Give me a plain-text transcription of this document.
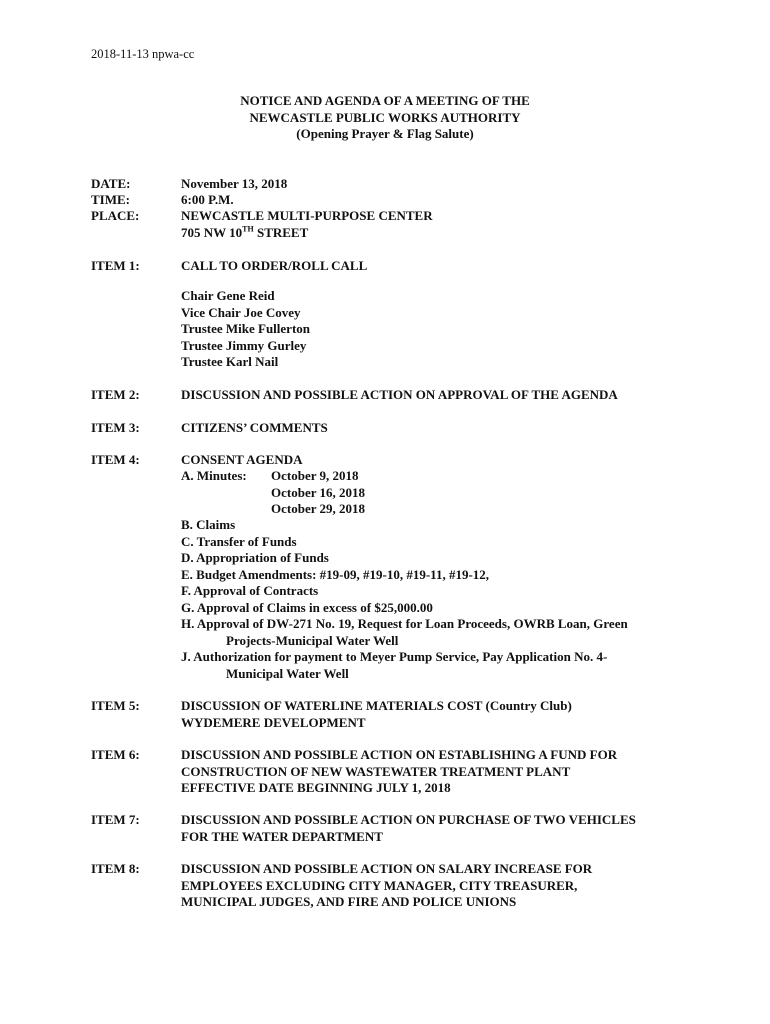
2018-11-13 npwa-cc
NOTICE AND AGENDA OF A MEETING OF THE
NEWCASTLE PUBLIC WORKS AUTHORITY
(Opening Prayer & Flag Salute)
DATE:	November 13, 2018
TIME:	6:00 P.M.
PLACE:	NEWCASTLE MULTI-PURPOSE CENTER
705 NW 10TH STREET
ITEM 1:	CALL TO ORDER/ROLL CALL
Chair Gene Reid
Vice Chair Joe Covey
Trustee Mike Fullerton
Trustee Jimmy Gurley
Trustee Karl Nail
ITEM 2:	DISCUSSION AND POSSIBLE ACTION ON APPROVAL OF THE AGENDA
ITEM 3:	CITIZENS’ COMMENTS
ITEM 4:	CONSENT AGENDA
A. Minutes:	October 9, 2018
October 16, 2018
October 29, 2018
B. Claims
C. Transfer of Funds
D. Appropriation of Funds
E. Budget Amendments: #19-09, #19-10, #19-11, #19-12,
F. Approval of Contracts
G. Approval of Claims in excess of $25,000.00
H. Approval of DW-271 No. 19, Request for Loan Proceeds, OWRB Loan, Green
Projects-Municipal Water Well
J. Authorization for payment to Meyer Pump Service, Pay Application No. 4-
Municipal Water Well
ITEM 5:	DISCUSSION OF WATERLINE MATERIALS COST (Country Club)
WYDEMERE DEVELOPMENT
ITEM 6:	DISCUSSION AND POSSIBLE ACTION ON ESTABLISHING A FUND FOR
CONSTRUCTION OF NEW WASTEWATER TREATMENT PLANT
EFFECTIVE DATE BEGINNING JULY 1, 2018
ITEM 7:	DISCUSSION AND POSSIBLE ACTION ON PURCHASE OF TWO VEHICLES
FOR THE WATER DEPARTMENT
ITEM 8:	DISCUSSION AND POSSIBLE ACTION ON SALARY INCREASE FOR
EMPLOYEES EXCLUDING CITY MANAGER, CITY TREASURER,
MUNICIPAL JUDGES, AND FIRE AND POLICE UNIONS
